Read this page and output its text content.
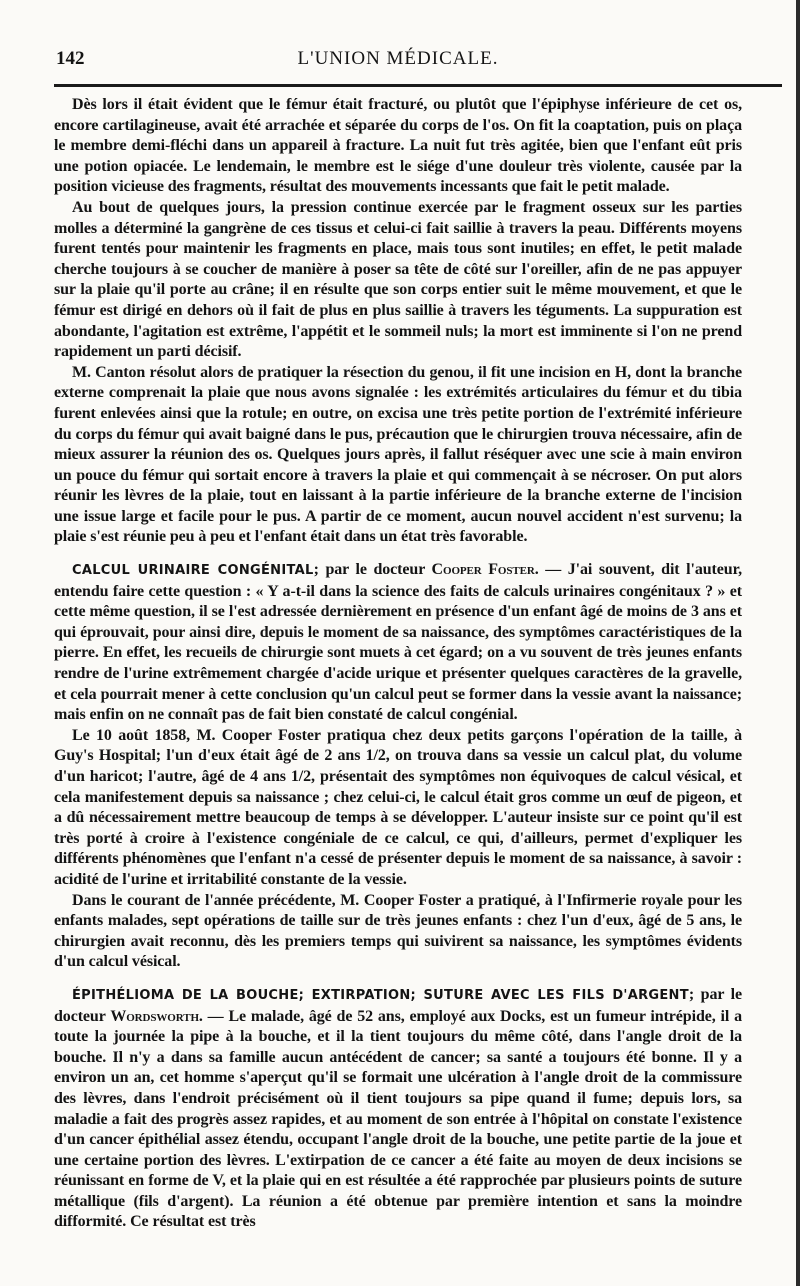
142	L'UNION MÉDICALE.

Dès lors il était évident que le fémur était fracturé, ou plutôt que l'épiphyse inférieure de cet os, encore cartilagineuse, avait été arrachée et séparée du corps de l'os. On fit la coaptation, puis on plaça le membre demi-fléchi dans un appareil à fracture. La nuit fut très agitée, bien que l'enfant eût pris une potion opiacée. Le lendemain, le membre est le siége d'une douleur très violente, causée par la position vicieuse des fragments, résultat des mouvements incessants que fait le petit malade.

Au bout de quelques jours, la pression continue exercée par le fragment osseux sur les parties molles a déterminé la gangrène de ces tissus et celui-ci fait saillie à travers la peau. Différents moyens furent tentés pour maintenir les fragments en place, mais tous sont inutiles; en effet, le petit malade cherche toujours à se coucher de manière à poser sa tête de côté sur l'oreiller, afin de ne pas appuyer sur la plaie qu'il porte au crâne; il en résulte que son corps entier suit le même mouvement, et que le fémur est dirigé en dehors où il fait de plus en plus saillie à travers les téguments. La suppuration est abondante, l'agitation est extrême, l'appétit et le sommeil nuls; la mort est imminente si l'on ne prend rapidement un parti décisif.

M. Canton résolut alors de pratiquer la résection du genou, il fit une incision en H, dont la branche externe comprenait la plaie que nous avons signalée : les extrémités articulaires du fémur et du tibia furent enlevées ainsi que la rotule; en outre, on excisa une très petite portion de l'extrémité inférieure du corps du fémur qui avait baigné dans le pus, précaution que le chirurgien trouva nécessaire, afin de mieux assurer la réunion des os. Quelques jours après, il fallut réséquer avec une scie à main environ un pouce du fémur qui sortait encore à travers la plaie et qui commençait à se nécroser. On put alors réunir les lèvres de la plaie, tout en laissant à la partie inférieure de la branche externe de l'incision une issue large et facile pour le pus. A partir de ce moment, aucun nouvel accident n'est survenu; la plaie s'est réunie peu à peu et l'enfant était dans un état très favorable.

CALCUL URINAIRE CONGÉNITAL; par le docteur Cooper Foster. — J'ai souvent, dit l'auteur, entendu faire cette question : « Y a-t-il dans la science des faits de calculs urinaires congénitaux ? » et cette même question, il se l'est adressée dernièrement en présence d'un enfant âgé de moins de 3 ans et qui éprouvait, pour ainsi dire, depuis le moment de sa naissance, des symptômes caractéristiques de la pierre. En effet, les recueils de chirurgie sont muets à cet égard; on a vu souvent de très jeunes enfants rendre de l'urine extrêmement chargée d'acide urique et présenter quelques caractères de la gravelle, et cela pourrait mener à cette conclusion qu'un calcul peut se former dans la vessie avant la naissance; mais enfin on ne connaît pas de fait bien constaté de calcul congénial.

Le 10 août 1858, M. Cooper Foster pratiqua chez deux petits garçons l'opération de la taille, à Guy's Hospital; l'un d'eux était âgé de 2 ans 1/2, on trouva dans sa vessie un calcul plat, du volume d'un haricot; l'autre, âgé de 4 ans 1/2, présentait des symptômes non équivoques de calcul vésical, et cela manifestement depuis sa naissance ; chez celui-ci, le calcul était gros comme un œuf de pigeon, et a dû nécessairement mettre beaucoup de temps à se développer. L'auteur insiste sur ce point qu'il est très porté à croire à l'existence congéniale de ce calcul, ce qui, d'ailleurs, permet d'expliquer les différents phénomènes que l'enfant n'a cessé de présenter depuis le moment de sa naissance, à savoir : acidité de l'urine et irritabilité constante de la vessie.

Dans le courant de l'année précédente, M. Cooper Foster a pratiqué, à l'Infirmerie royale pour les enfants malades, sept opérations de taille sur de très jeunes enfants : chez l'un d'eux, âgé de 5 ans, le chirurgien avait reconnu, dès les premiers temps qui suivirent sa naissance, les symptômes évidents d'un calcul vésical.

ÉPITHÉLIOMA DE LA BOUCHE; EXTIRPATION; SUTURE AVEC LES FILS D'ARGENT; par le docteur Wordsworth. — Le malade, âgé de 52 ans, employé aux Docks, est un fumeur intrépide, il a toute la journée la pipe à la bouche, et il la tient toujours du même côté, dans l'angle droit de la bouche. Il n'y a dans sa famille aucun antécédent de cancer; sa santé a toujours été bonne. Il y a environ un an, cet homme s'aperçut qu'il se formait une ulcération à l'angle droit de la commissure des lèvres, dans l'endroit précisément où il tient toujours sa pipe quand il fume; depuis lors, sa maladie a fait des progrès assez rapides, et au moment de son entrée à l'hôpital on constate l'existence d'un cancer épithélial assez étendu, occupant l'angle droit de la bouche, une petite partie de la joue et une certaine portion des lèvres. L'extirpation de ce cancer a été faite au moyen de deux incisions se réunissant en forme de V, et la plaie qui en est résultée a été rapprochée par plusieurs points de suture métallique (fils d'argent). La réunion a été obtenue par première intention et sans la moindre difformité. Ce résultat est très
